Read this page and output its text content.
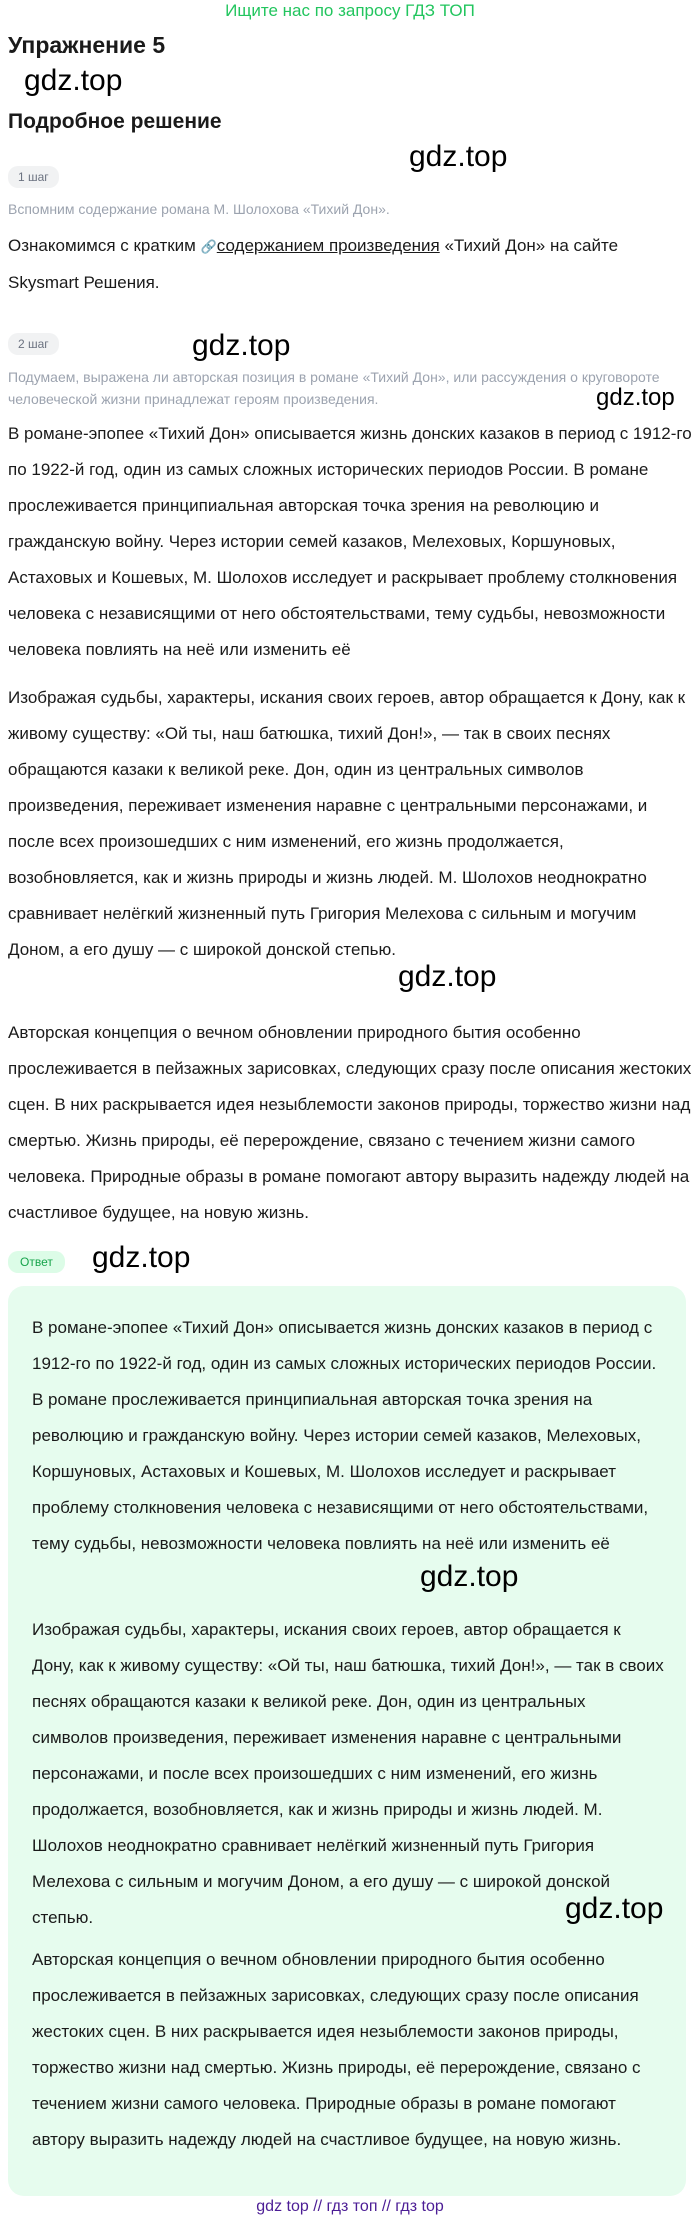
Ищите нас по запросу ГДЗ ТОП
Упражнение 5
gdz.top
Подробное решение
gdz.top
1 шаг
Вспомним содержание романа М. Шолохова «Тихий Дон».
Ознакомимся с кратким 🔗содержанием произведения «Тихий Дон» на сайте Skysmart Решения.
2 шаг	gdz.top
Подумаем, выражена ли авторская позиция в романе «Тихий Дон», или рассуждения о круговороте человеческой жизни принадлежат героям произведения.	gdz.top
В романе-эпопее «Тихий Дон» описывается жизнь донских казаков в период с 1912-го по 1922-й год, один из самых сложных исторических периодов России. В романе прослеживается принципиальная авторская точка зрения на революцию и гражданскую войну. Через истории семей казаков, Мелеховых, Коршуновых, Астаховых и Кошевых, М. Шолохов исследует и раскрывает проблему столкновения человека с независящими от него обстоятельствами, тему судьбы, невозможности человека повлиять на неё или изменить её
Изображая судьбы, характеры, искания своих героев, автор обращается к Дону, как к живому существу: «Ой ты, наш батюшка, тихий Дон!», — так в своих песнях обращаются казаки к великой реке. Дон, один из центральных символов произведения, переживает изменения наравне с центральными персонажами, и после всех произошедших с ним изменений, его жизнь продолжается, возобновляется, как и жизнь природы и жизнь людей. М. Шолохов неоднократно сравнивает нелёгкий жизненный путь Григория Мелехова с сильным и могучим Доном, а его душу — с широкой донской степью.
gdz.top
Авторская концепция о вечном обновлении природного бытия особенно прослеживается в пейзажных зарисовках, следующих сразу после описания жестоких сцен. В них раскрывается идея незыблемости законов природы, торжество жизни над смертью. Жизнь природы, её перерождение, связано с течением жизни самого человека. Природные образы в романе помогают автору выразить надежду людей на счастливое будущее, на новую жизнь.
Ответ	gdz.top
В романе-эпопее «Тихий Дон» описывается жизнь донских казаков в период с 1912-го по 1922-й год, один из самых сложных исторических периодов России. В романе прослеживается принципиальная авторская точка зрения на революцию и гражданскую войну. Через истории семей казаков, Мелеховых, Коршуновых, Астаховых и Кошевых, М. Шолохов исследует и раскрывает проблему столкновения человека с независящими от него обстоятельствами, тему судьбы, невозможности человека повлиять на неё или изменить её
gdz.top
Изображая судьбы, характеры, искания своих героев, автор обращается к Дону, как к живому существу: «Ой ты, наш батюшка, тихий Дон!», — так в своих песнях обращаются казаки к великой реке. Дон, один из центральных символов произведения, переживает изменения наравне с центральными персонажами, и после всех произошедших с ним изменений, его жизнь продолжается, возобновляется, как и жизнь природы и жизнь людей. М. Шолохов неоднократно сравнивает нелёгкий жизненный путь Григория Мелехова с сильным и могучим Доном, а его душу — с широкой донской степью.	gdz.top
Авторская концепция о вечном обновлении природного бытия особенно прослеживается в пейзажных зарисовках, следующих сразу после описания жестоких сцен. В них раскрывается идея незыблемости законов природы, торжество жизни над смертью. Жизнь природы, её перерождение, связано с течением жизни самого человека. Природные образы в романе помогают автору выразить надежду людей на счастливое будущее, на новую жизнь.
gdz top // гдз топ // гдз top
